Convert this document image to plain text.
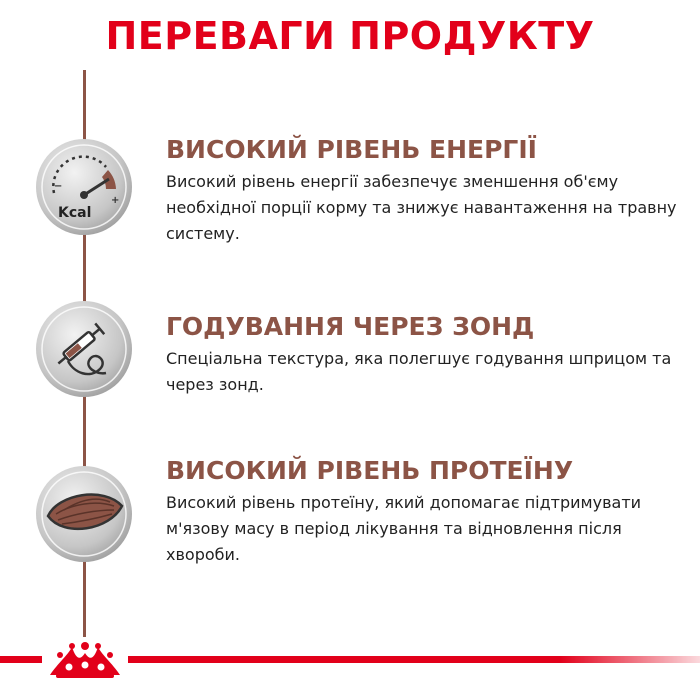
ПЕРЕВАГИ ПРОДУКТУ
−
+
Kcal
ВИСОКИЙ РІВЕНЬ ЕНЕРГІЇ

Високий рівень енергії забезпечує зменшення об'єму необхідної порції корму та знижує навантаження на травну систему.

ГОДУВАННЯ ЧЕРЕЗ ЗОНД

Спеціальна текстура, яка полегшує годування шприцом та через зонд.

ВИСОКИЙ РІВЕНЬ ПРОТЕЇНУ

Високий рівень протеїну, який допомагає підтримувати м'язову масу в період лікування та відновлення після хвороби.
